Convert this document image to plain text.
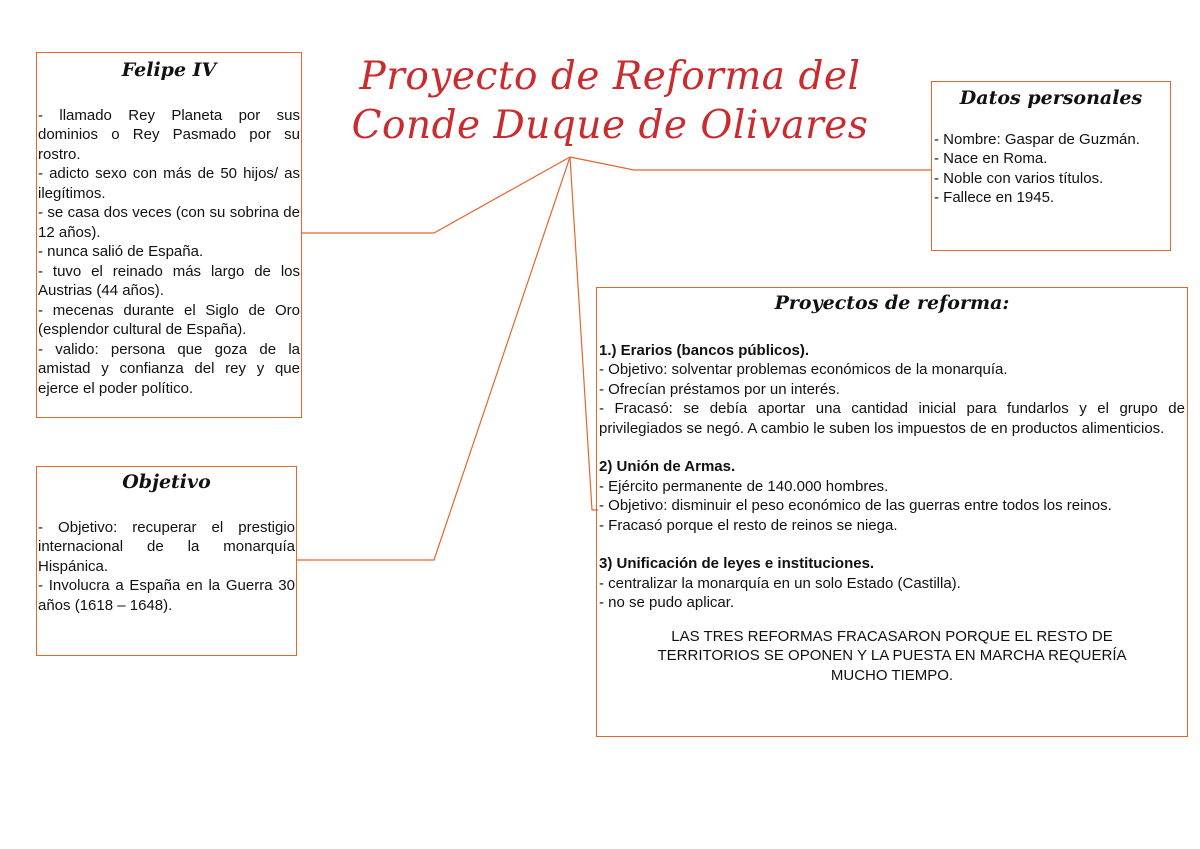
Proyecto de Reforma del
Conde Duque de Olivares
Felipe IV
- llamado Rey Planeta por sus dominios o Rey Pasmado por su rostro.
- adicto sexo con más de 50 hijos/ as ilegítimos.
- se casa dos veces (con su sobrina de 12 años).
- nunca salió de España.
- tuvo el reinado más largo de los Austrias (44 años).
- mecenas durante el Siglo de Oro (esplendor cultural de España).
- valido: persona que goza de la amistad y confianza del rey y que ejerce el poder político.
Objetivo
- Objetivo: recuperar el prestigio internacional de la monarquía Hispánica.
- Involucra a España en la Guerra 30 años (1618 – 1648).
Datos personales
- Nombre: Gaspar de Guzmán.
- Nace en Roma.
- Noble con varios títulos.
- Fallece en 1945.
Proyectos de reforma:
1.) Erarios (bancos públicos).
- Objetivo: solventar problemas económicos de la monarquía.
- Ofrecían préstamos por un interés.
- Fracasó: se debía aportar una cantidad inicial para fundarlos y el grupo de privilegiados se negó. A cambio le suben los impuestos de en productos alimenticios.
2) Unión de Armas.
- Ejército permanente de 140.000 hombres.
- Objetivo: disminuir el peso económico de las guerras entre todos los reinos.
- Fracasó porque el resto de reinos se niega.
3) Unificación de leyes e instituciones.
- centralizar la monarquía en un solo Estado (Castilla).
- no se pudo aplicar.
LAS TRES REFORMAS FRACASARON PORQUE EL RESTO DE
TERRITORIOS SE OPONEN Y LA PUESTA EN MARCHA REQUERÍA
MUCHO TIEMPO.
